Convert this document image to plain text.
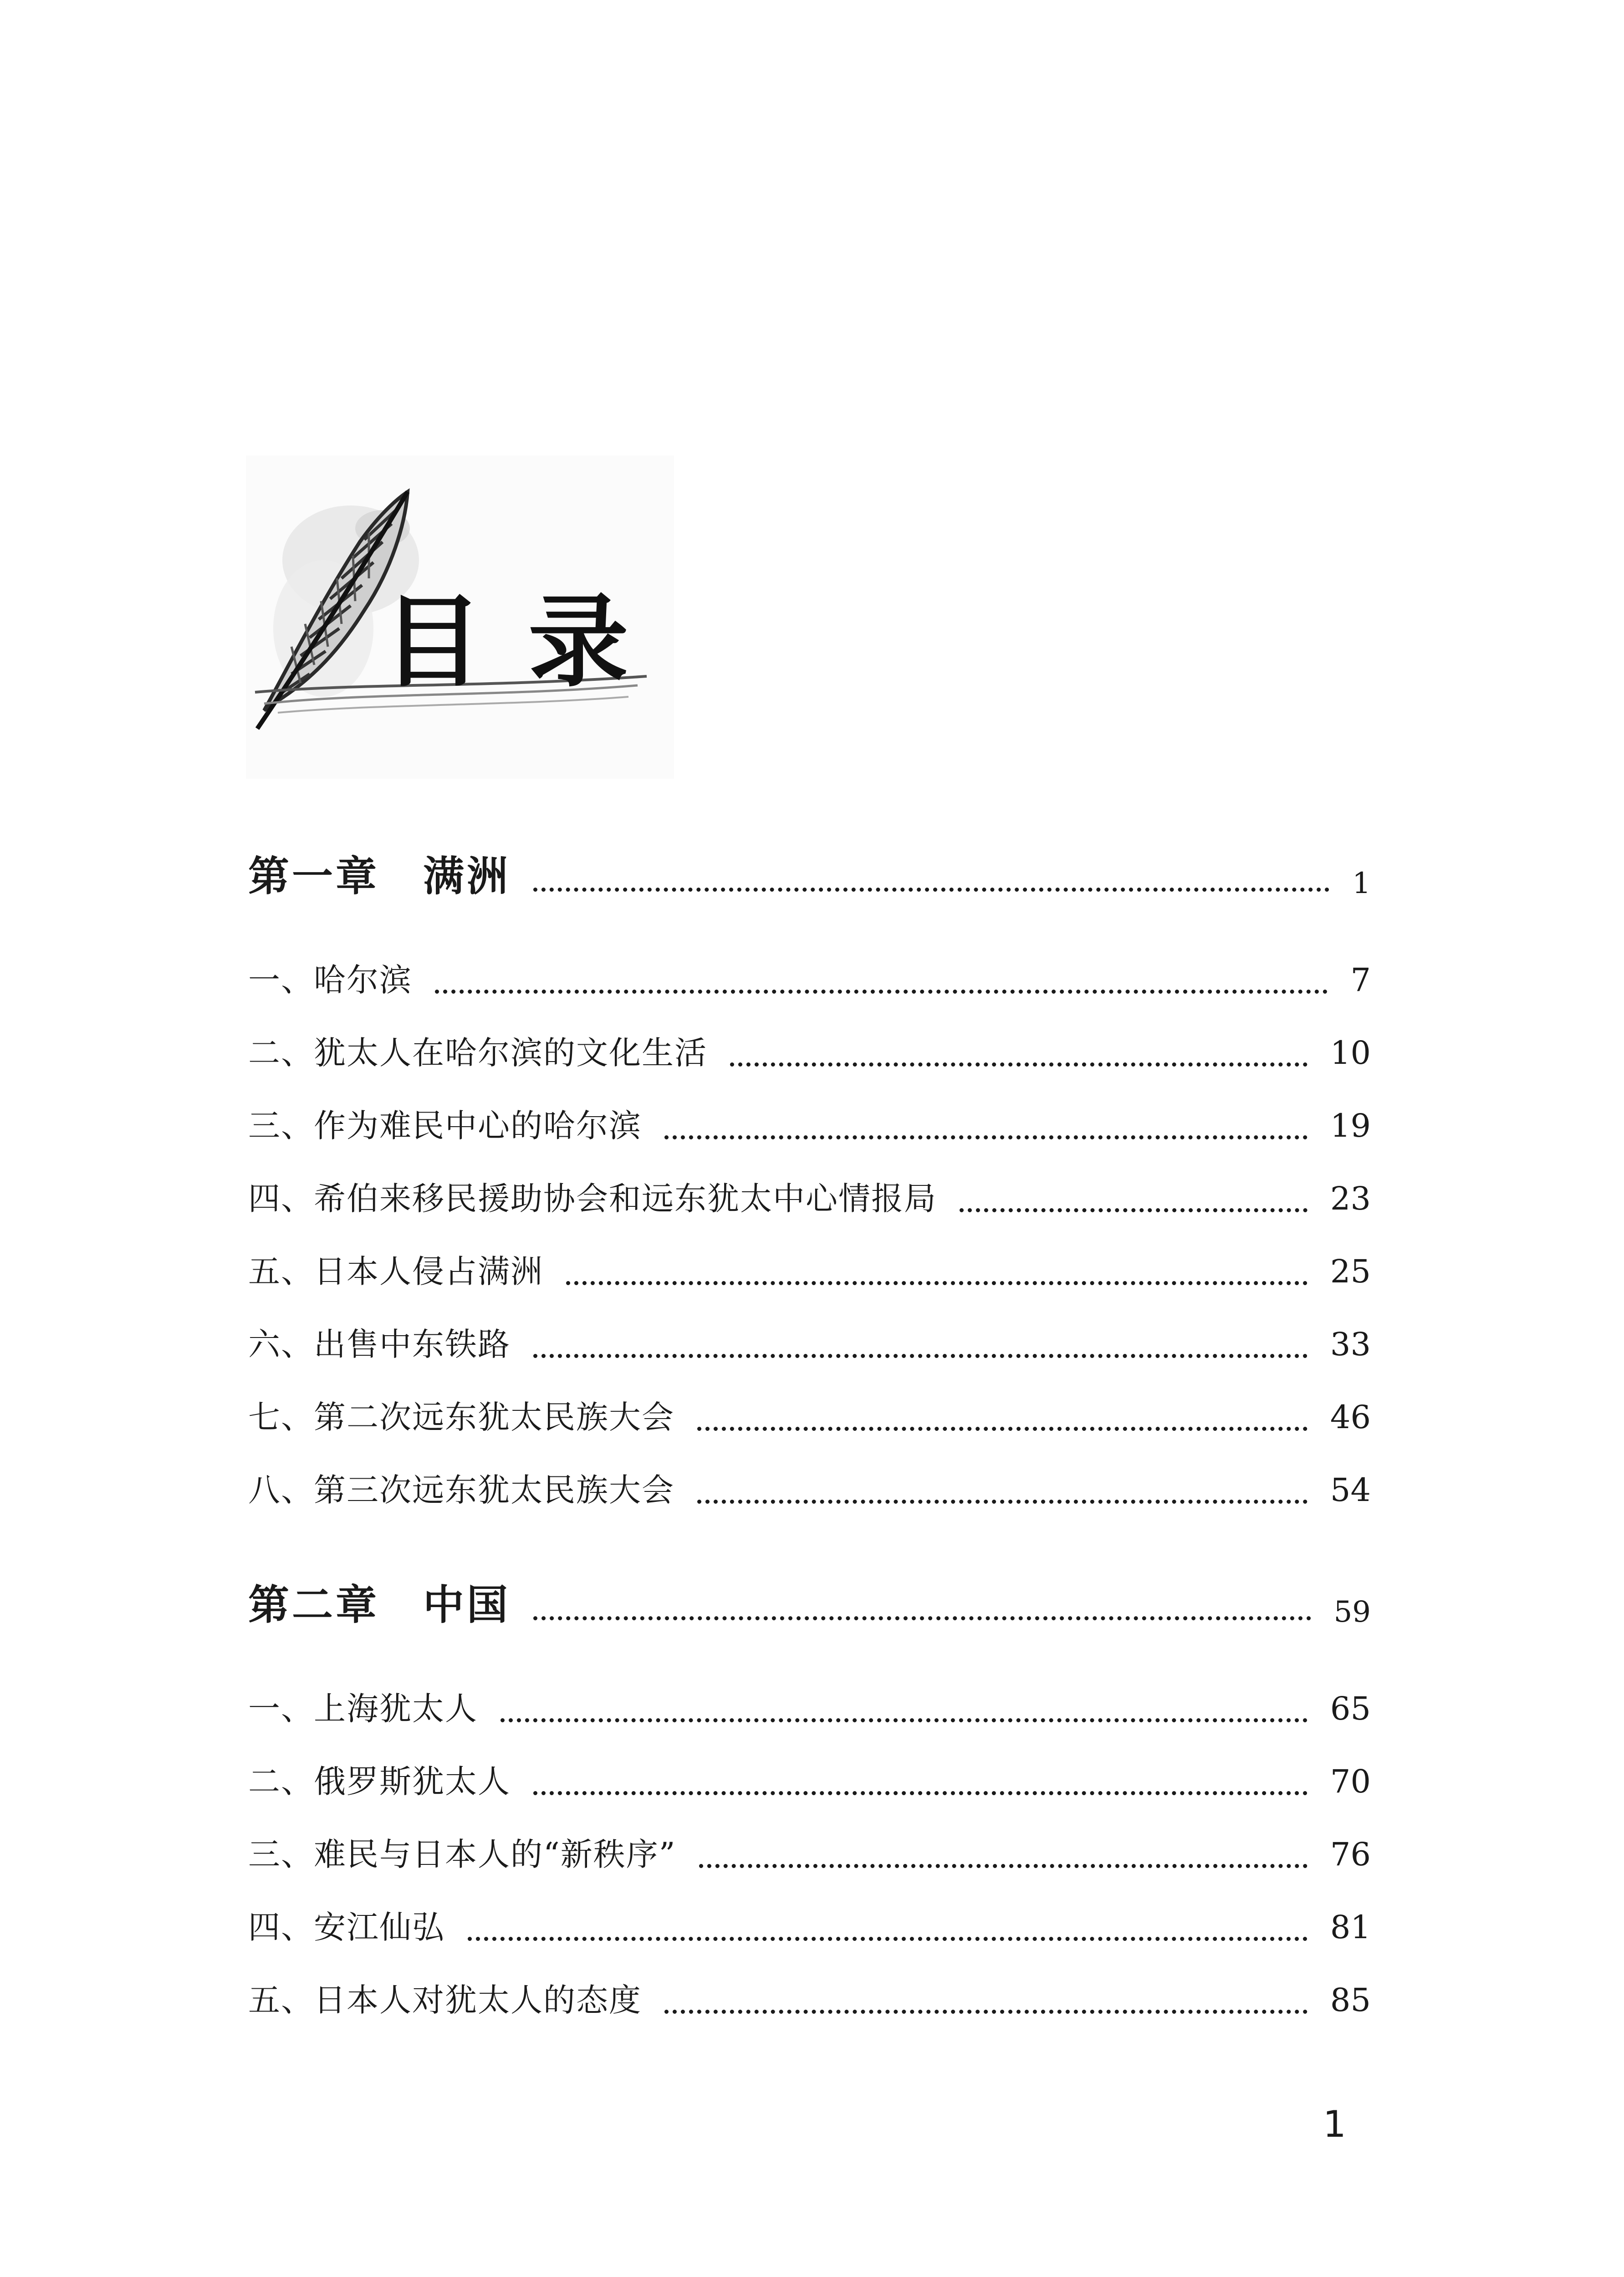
目录
第一章　满洲	1
一、哈尔滨	7
二、犹太人在哈尔滨的文化生活	10
三、作为难民中心的哈尔滨	19
四、希伯来移民援助协会和远东犹太中心情报局	23
五、日本人侵占满洲	25
六、出售中东铁路	33
七、第二次远东犹太民族大会	46
八、第三次远东犹太民族大会	54
第二章　中国	59
一、上海犹太人	65
二、俄罗斯犹太人	70
三、难民与日本人的“新秩序”	76
四、安江仙弘	81
五、日本人对犹太人的态度	85
1
